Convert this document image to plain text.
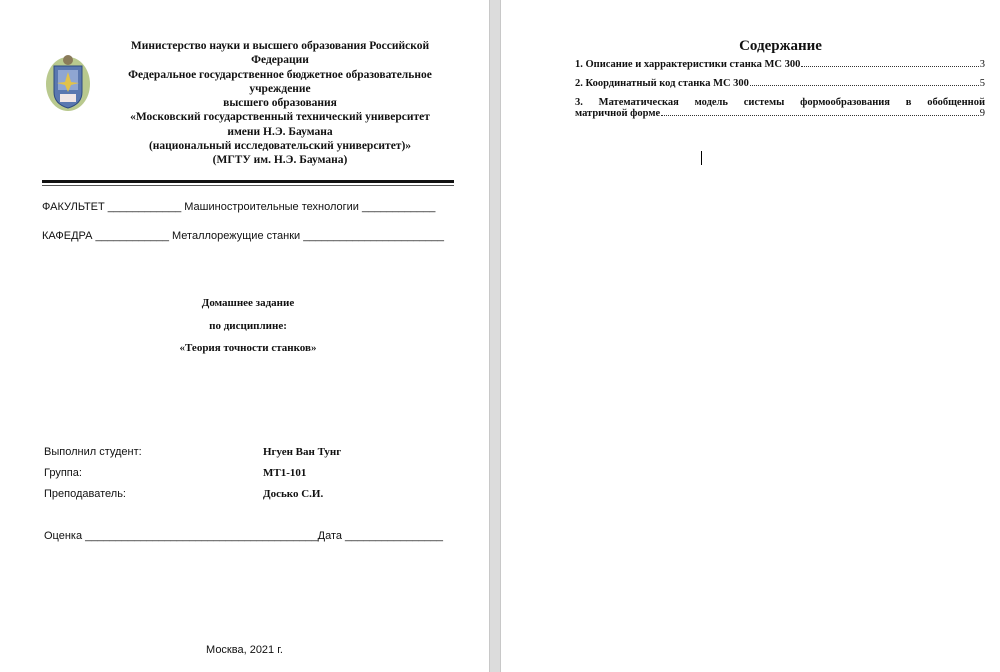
Министерство науки и высшего образования Российской
Федерации
Федеральное государственное бюджетное образовательное
учреждение
высшего образования
«Московский государственный технический университет
имени Н.Э. Баумана
(национальный исследовательский университет)»
(МГТУ им. Н.Э. Баумана)
ФАКУЛЬТЕТ ____________ Машиностроительные технологии ____________
КАФЕДРА ____________ Металлорежущие станки _______________________
Домашнее задание
по дисциплине:
«Теория точности станков»
Выполнил студент:	Нгуен Ван Тунг
Группа:	МТ1-101
Преподаватель:	Досько С.И.
Оценка ______________________________________Дата ________________
Москва, 2021 г.
Содержание
1. Описание и харрактеристики станка МС 300	3
2. Координатный код станка МС 300	5
3. Математическая модель системы формообразования в обобщенной
матричной форме	9
